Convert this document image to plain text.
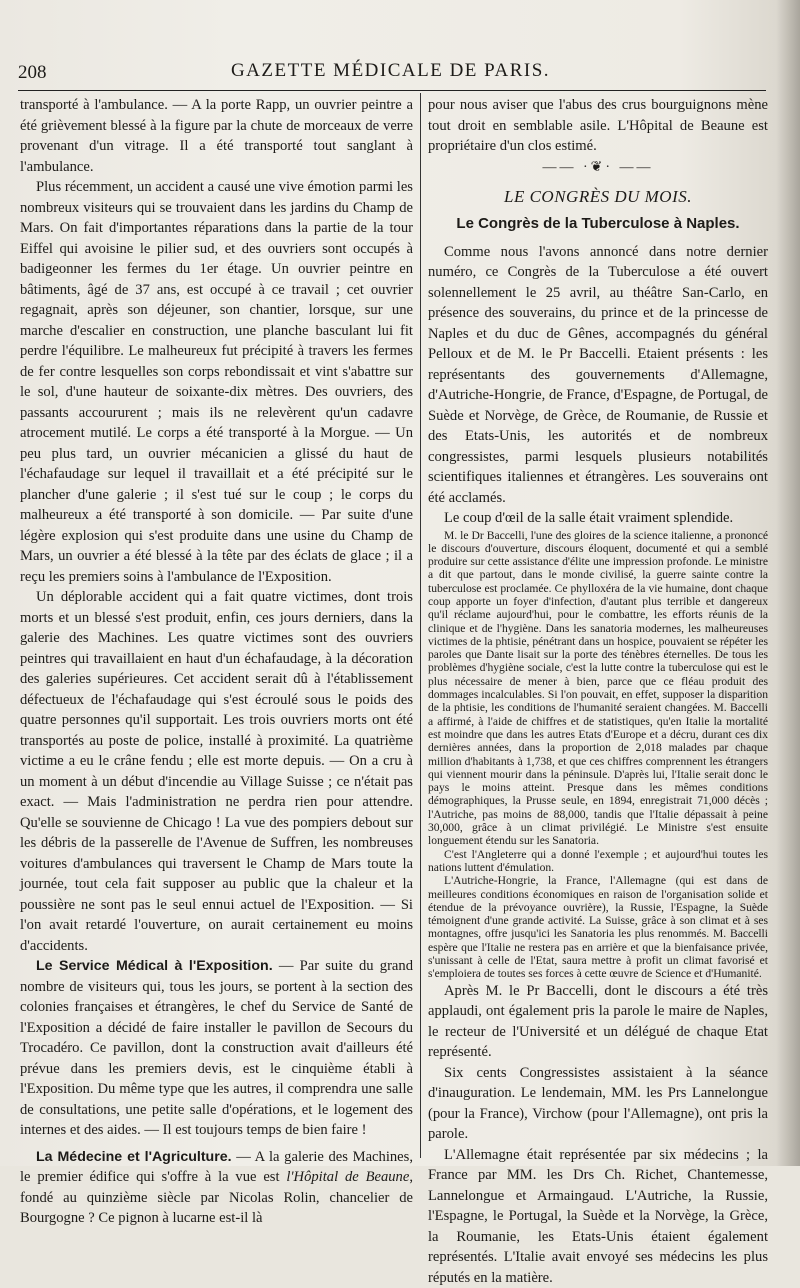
208	GAZETTE MÉDICALE DE PARIS.

transporté à l'ambulance. — A la porte Rapp, un ouvrier peintre a été grièvement blessé à la figure par la chute de morceaux de verre provenant d'un vitrage. Il a été transporté tout sanglant à l'ambulance.

Plus récemment, un accident a causé une vive émotion parmi les nombreux visiteurs qui se trouvaient dans les jardins du Champ de Mars. On fait d'importantes réparations dans la partie de la tour Eiffel qui avoisine le pilier sud, et des ouvriers sont occupés à badigeonner les fermes du 1er étage. Un ouvrier peintre en bâtiments, âgé de 37 ans, est occupé à ce travail ; cet ouvrier regagnait, après son déjeuner, son chantier, lorsque, sur une marche d'escalier en construction, une planche basculant lui fit perdre l'équilibre. Le malheureux fut précipité à travers les fermes de fer contre lesquelles son corps rebondissait et vint s'abattre sur le sol, d'une hauteur de soixante-dix mètres. Des ouvriers, des passants accoururent ; mais ils ne relevèrent qu'un cadavre atrocement mutilé. Le corps a été transporté à la Morgue. — Un peu plus tard, un ouvrier mécanicien a glissé du haut de l'échafaudage sur lequel il travaillait et a été précipité sur le plancher d'une galerie ; il s'est tué sur le coup ; le corps du malheureux a été transporté à son domicile. — Par suite d'une légère explosion qui s'est produite dans une usine du Champ de Mars, un ouvrier a été blessé à la tête par des éclats de glace ; il a reçu les premiers soins à l'ambulance de l'Exposition.

Un déplorable accident qui a fait quatre victimes, dont trois morts et un blessé s'est produit, enfin, ces jours derniers, dans la galerie des Machines. Les quatre victimes sont des ouvriers peintres qui travaillaient en haut d'un échafaudage, à la décoration des galeries supérieures. Cet accident serait dû à l'établissement défectueux de l'échafaudage qui s'est écroulé sous le poids des quatre personnes qu'il supportait. Les trois ouvriers morts ont été transportés au poste de police, installé à proximité. La quatrième victime a eu le crâne fendu ; elle est morte depuis. — On a cru à un moment à un début d'incendie au Village Suisse ; ce n'était pas exact. — Mais l'administration ne perdra rien pour attendre. Qu'elle se souvienne de Chicago ! La vue des pompiers debout sur les débris de la passerelle de l'Avenue de Suffren, les nombreuses voitures d'ambulances qui traversent le Champ de Mars toute la journée, tout cela fait supposer au public que la chaleur et la poussière ne sont pas le seul ennui actuel de l'Exposition. — Si l'on avait retardé l'ouverture, on aurait certainement eu moins d'accidents.

Le Service Médical à l'Exposition. — Par suite du grand nombre de visiteurs qui, tous les jours, se portent à la section des colonies françaises et étrangères, le chef du Service de Santé de l'Exposition a décidé de faire installer le pavillon de Secours du Trocadéro. Ce pavillon, dont la construction avait d'ailleurs été prévue dans les premiers devis, est le cinquième établi à l'Exposition. Du même type que les autres, il comprendra une salle de consultations, une petite salle d'opérations, et le logement des internes et des aides. — Il est toujours temps de bien faire !

La Médecine et l'Agriculture. — A la galerie des Machines, le premier édifice qui s'offre à la vue est l'Hôpital de Beaune, fondé au quinzième siècle par Nicolas Rolin, chancelier de Bourgogne ? Ce pignon à lucarne est-il là

pour nous aviser que l'abus des crus bourguignons mène tout droit en semblable asile. L'Hôpital de Beaune est propriétaire d'un clos estimé.

—— ·❦· ——
LE CONGRÈS DU MOIS.
Le Congrès de la Tuberculose à Naples.

Comme nous l'avons annoncé dans notre dernier numéro, ce Congrès de la Tuberculose a été ouvert solennellement le 25 avril, au théâtre San-Carlo, en présence des souverains, du prince et de la princesse de Naples et du duc de Gênes, accompagnés du général Pelloux et de M. le Pr Baccelli. Etaient présents : les représentants des gouvernements d'Allemagne, d'Autriche-Hongrie, de France, d'Espagne, de Portugal, de Suède et Norvège, de Grèce, de Roumanie, de Russie et des Etats-Unis, les autorités et de nombreux congressistes, parmi lesquels plusieurs notabilités scientifiques italiennes et étrangères. Les souverains ont été acclamés.

Le coup d'œil de la salle était vraiment splendide.

M. le Dr Baccelli, l'une des gloires de la science italienne, a prononcé le discours d'ouverture, discours éloquent, documenté et qui a semblé produire sur cette assistance d'élite une impression profonde. Le ministre a dit que partout, dans le monde civilisé, la guerre sainte contre la tuberculose est proclamée. Ce phylloxéra de la vie humaine, dont chaque coup apporte un foyer d'infection, d'autant plus terrible et dangereux qu'il réclame aujourd'hui, pour le combattre, les efforts réunis de la clinique et de l'hygiène. Dans les sanatoria modernes, les malheureuses victimes de la phtisie, pénétrant dans un hospice, pouvaient se répéter les paroles que Dante lisait sur la porte des ténèbres éternelles. De tous les problèmes d'hygiène sociale, c'est la lutte contre la tuberculose qui est le plus nécessaire de mener à bien, parce que ce fléau produit des dommages incalculables. Si l'on pouvait, en effet, supposer la disparition de la phtisie, les conditions de l'humanité seraient changées. M. Baccelli a affirmé, à l'aide de chiffres et de statistiques, qu'en Italie la mortalité est moindre que dans les autres Etats d'Europe et a décru, durant ces dix dernières années, dans la proportion de 2,018 malades par chaque million d'habitants à 1,738, et que ces chiffres comprennent les étrangers qui viennent mourir dans la péninsule. D'après lui, l'Italie serait donc le pays le moins atteint. Presque dans les mêmes conditions démographiques, la Prusse seule, en 1894, enregistrait 71,000 décès ; l'Autriche, pas moins de 88,000, tandis que l'Italie dépassait à peine 30,000, grâce à un climat privilégié. Le Ministre s'est ensuite longuement étendu sur les Sanatoria.

C'est l'Angleterre qui a donné l'exemple ; et aujourd'hui toutes les nations luttent d'émulation.

L'Autriche-Hongrie, la France, l'Allemagne (qui est dans de meilleures conditions économiques en raison de l'organisation solide et étendue de la prévoyance ouvrière), la Russie, l'Espagne, la Suède témoignent d'une grande activité. La Suisse, grâce à son climat et à ses montagnes, offre jusqu'ici les Sanatoria les plus renommés. M. Baccelli espère que l'Italie ne restera pas en arrière et que la bienfaisance privée, s'unissant à celle de l'Etat, saura mettre à profit un climat favorisé et s'emploiera de toutes ses forces à cette œuvre de Science et d'Humanité.

Après M. le Pr Baccelli, dont le discours a été très applaudi, ont également pris la parole le maire de Naples, le recteur de l'Université et un délégué de chaque Etat représenté.

Six cents Congressistes assistaient à la séance d'inauguration. Le lendemain, MM. les Prs Lannelongue (pour la France), Virchow (pour l'Allemagne), ont pris la parole.

L'Allemagne était représentée par six médecins ; la France par MM. les Drs Ch. Richet, Chantemesse, Lannelongue et Armaingaud. L'Autriche, la Russie, l'Espagne, le Portugal, la Suède et la Norvège, la Grèce, la Roumanie, les Etats-Unis étaient également représentés. L'Italie avait envoyé ses médecins les plus réputés en la matière.
